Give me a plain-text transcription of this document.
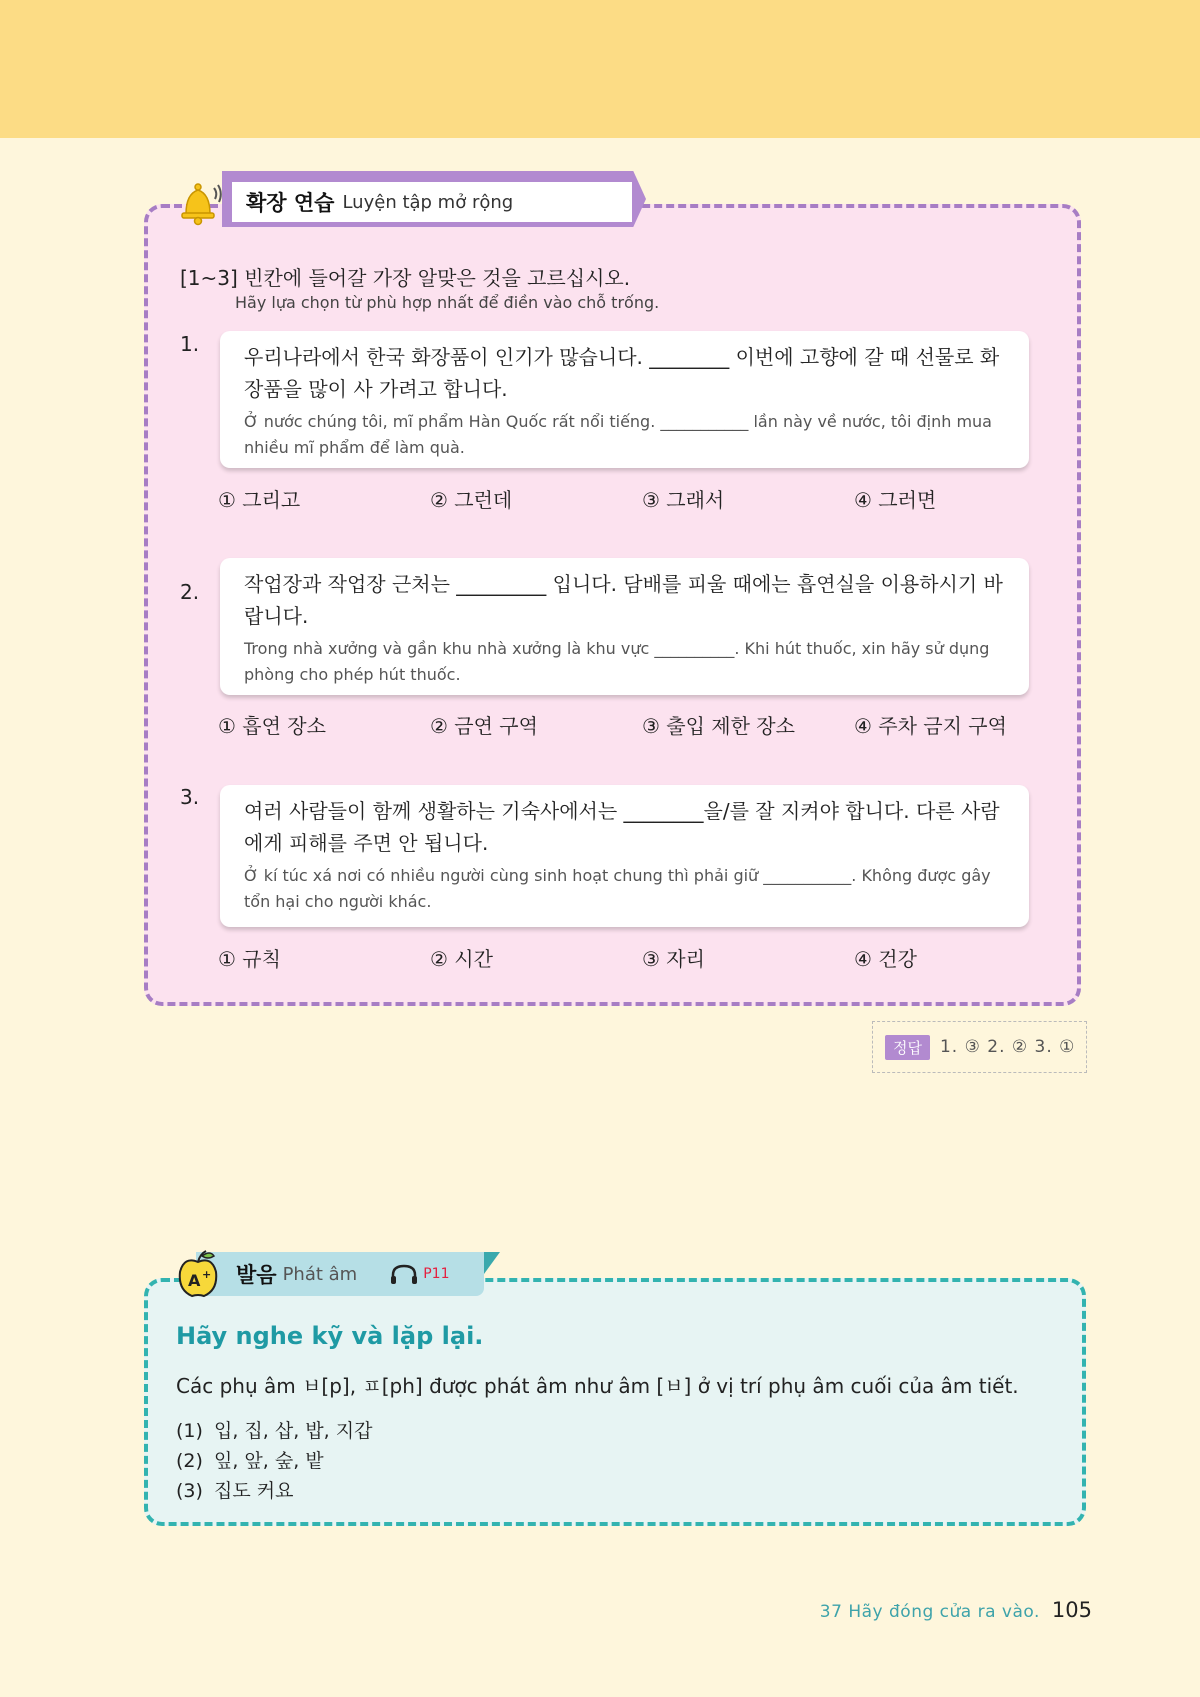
확장 연습 Luyện tập mở rộng
[1~3] 빈칸에 들어갈 가장 알맞은 것을 고르십시오.
Hãy lựa chọn từ phù hợp nhất để điền vào chỗ trống.
1.
우리나라에서 한국 화장품이 인기가 많습니다. ________ 이번에 고향에 갈 때 선물로 화장품을 많이 사 가려고 합니다.
Ở nước chúng tôi, mĩ phẩm Hàn Quốc rất nổi tiếng. ___________ lần này về nước, tôi định mua nhiều mĩ phẩm để làm quà.
① 그리고	② 그런데	③ 그래서	④ 그러면
2. 작업장과 작업장 근처는 _________ 입니다. 담배를 피울 때에는 흡연실을 이용하시기 바랍니다.
Trong nhà xưởng và gần khu nhà xưởng là khu vực __________. Khi hút thuốc, xin hãy sử dụng phòng cho phép hút thuốc.
① 흡연 장소	② 금연 구역	③ 출입 제한 장소	④ 주차 금지 구역
3.
여러 사람들이 함께 생활하는 기숙사에서는 ________을/를 잘 지켜야 합니다. 다른 사람에게 피해를 주면 안 됩니다.
Ở kí túc xá nơi có nhiều người cùng sinh hoạt chung thì phải giữ ___________. Không được gây tổn hại cho người khác.
① 규칙	② 시간	③ 자리	④ 건강
정답	1. ③ 2. ② 3. ①
발음 Phát âm	P11
A +
Hãy nghe kỹ và lặp lại.
Các phụ âm ㅂ[p], ㅍ[ph] được phát âm như âm [ㅂ] ở vị trí phụ âm cuối của âm tiết.
(1) 입, 집, 삽, 밥, 지갑
(2) 잎, 앞, 숲, 밭
(3) 집도 커요
37 Hãy đóng cửa ra vào. 105
